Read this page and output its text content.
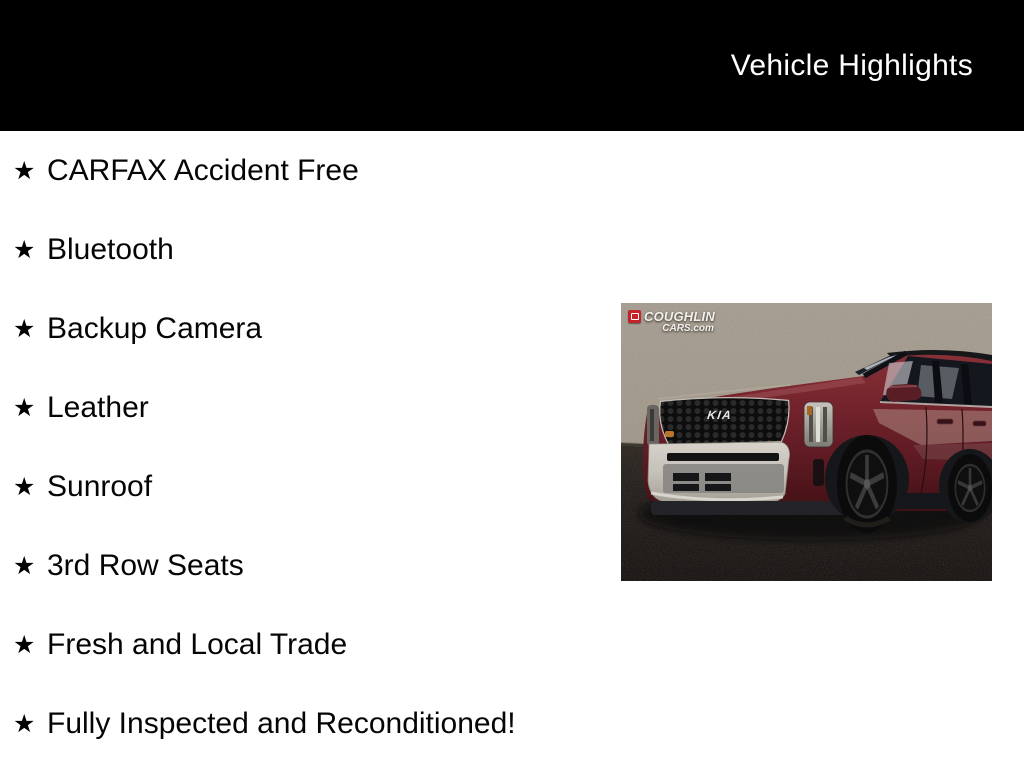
Vehicle Highlights
★ CARFAX Accident Free
★ Bluetooth
★ Backup Camera
★ Leather
★ Sunroof
★ 3rd Row Seats
★ Fresh and Local Trade
★ Fully Inspected and Reconditioned!
KIA
COUGHLIN
CARS.com
